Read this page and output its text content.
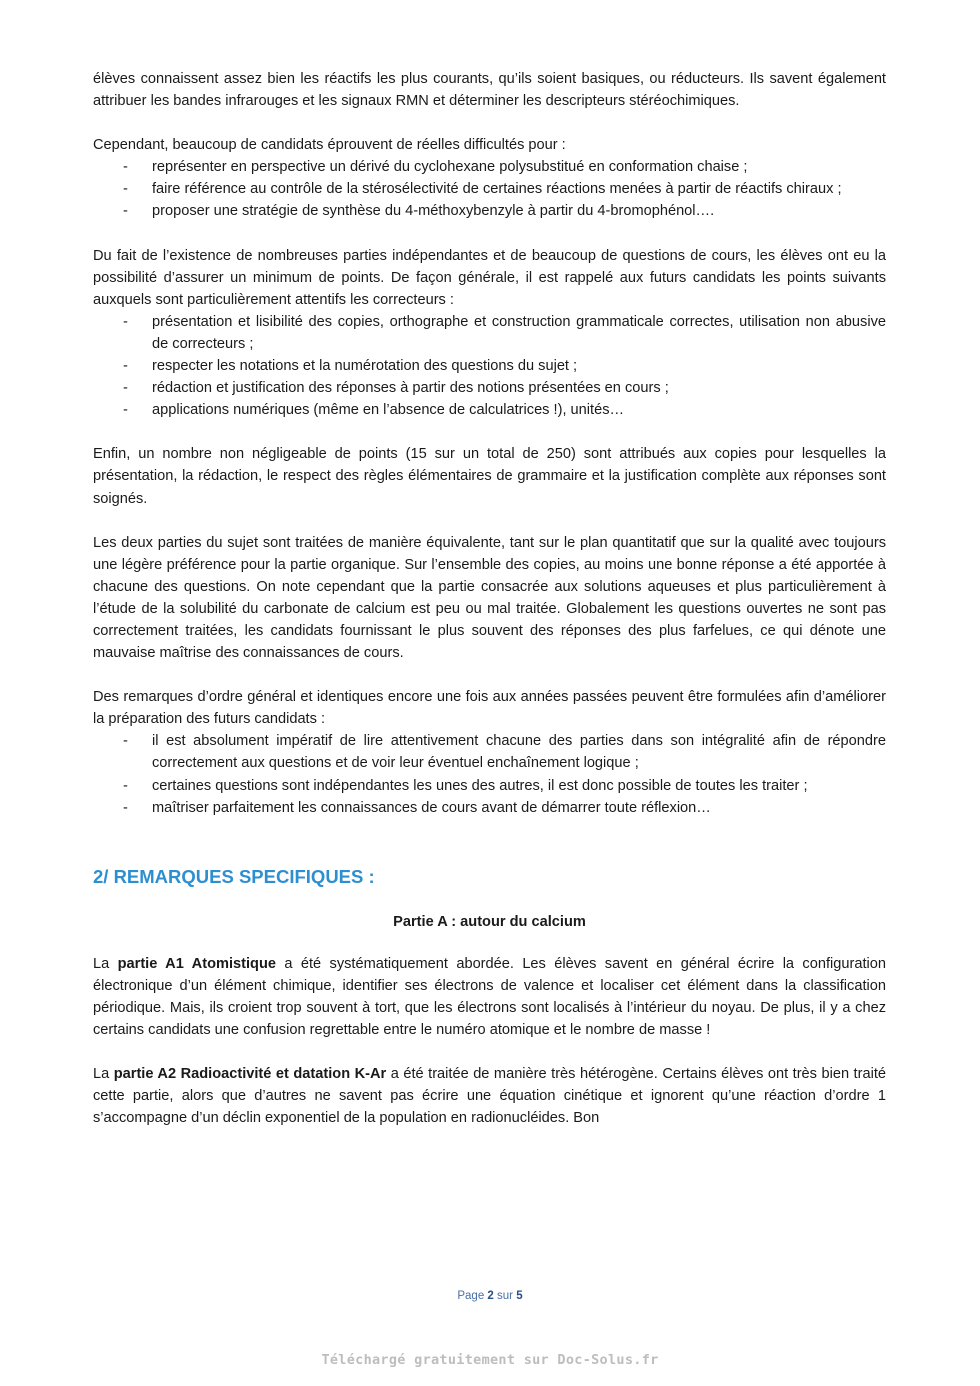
élèves connaissent assez bien les réactifs les plus courants, qu’ils soient basiques, ou réducteurs. Ils savent également attribuer les bandes infrarouges et les signaux RMN et déterminer les descripteurs stéréochimiques.

Cependant, beaucoup de candidats éprouvent de réelles difficultés pour :

- représenter en perspective un dérivé du cyclohexane polysubstitué en conformation chaise ;
- faire référence au contrôle de la stérosélectivité de certaines réactions menées à partir de réactifs chiraux ;
- proposer une stratégie de synthèse du 4-méthoxybenzyle à partir du 4-bromophénol….

Du fait de l’existence de nombreuses parties indépendantes et de beaucoup de questions de cours, les élèves ont eu la possibilité d’assurer un minimum de points. De façon générale, il est rappelé aux futurs candidats les points suivants auxquels sont particulièrement attentifs les correcteurs :

- présentation et lisibilité des copies, orthographe et construction grammaticale correctes, utilisation non abusive de correcteurs ;
- respecter les notations et la numérotation des questions du sujet ;
- rédaction et justification des réponses à partir des notions présentées en cours ;
- applications numériques (même en l’absence de calculatrices !), unités…

Enfin, un nombre non négligeable de points (15 sur un total de 250) sont attribués aux copies pour lesquelles la présentation, la rédaction, le respect des règles élémentaires de grammaire et la justification complète aux réponses sont soignés.

Les deux parties du sujet sont traitées de manière équivalente, tant sur le plan quantitatif que sur la qualité avec toujours une légère préférence pour la partie organique. Sur l’ensemble des copies, au moins une bonne réponse a été apportée à chacune des questions. On note cependant que la partie consacrée aux solutions aqueuses et plus particulièrement à l’étude de la solubilité du carbonate de calcium est peu ou mal traitée. Globalement les questions ouvertes ne sont pas correctement traitées, les candidats fournissant le plus souvent des réponses des plus farfelues, ce qui dénote une mauvaise maîtrise des connaissances de cours.

Des remarques d’ordre général et identiques encore une fois aux années passées peuvent être formulées afin d’améliorer la préparation des futurs candidats :

- il est absolument impératif de lire attentivement chacune des parties dans son intégralité afin de répondre correctement aux questions et de voir leur éventuel enchaînement logique ;
- certaines questions sont indépendantes les unes des autres, il est donc possible de toutes les traiter ;
- maîtriser parfaitement les connaissances de cours avant de démarrer toute réflexion…
2/ REMARQUES SPECIFIQUES :
Partie A : autour du calcium

La partie A1 Atomistique a été systématiquement abordée. Les élèves savent en général écrire la configuration électronique d’un élément chimique, identifier ses électrons de valence et localiser cet élément dans la classification périodique. Mais, ils croient trop souvent à tort, que les électrons sont localisés à l’intérieur du noyau. De plus, il y a chez certains candidats une confusion regrettable entre le numéro atomique et le nombre de masse !

La partie A2 Radioactivité et datation K-Ar a été traitée de manière très hétérogène. Certains élèves ont très bien traité cette partie, alors que d’autres ne savent pas écrire une équation cinétique et ignorent qu’une réaction d’ordre 1 s’accompagne d’un déclin exponentiel de la population en radionucléides. Bon

Page 2 sur 5
Téléchargé gratuitement sur Doc-Solus.fr
